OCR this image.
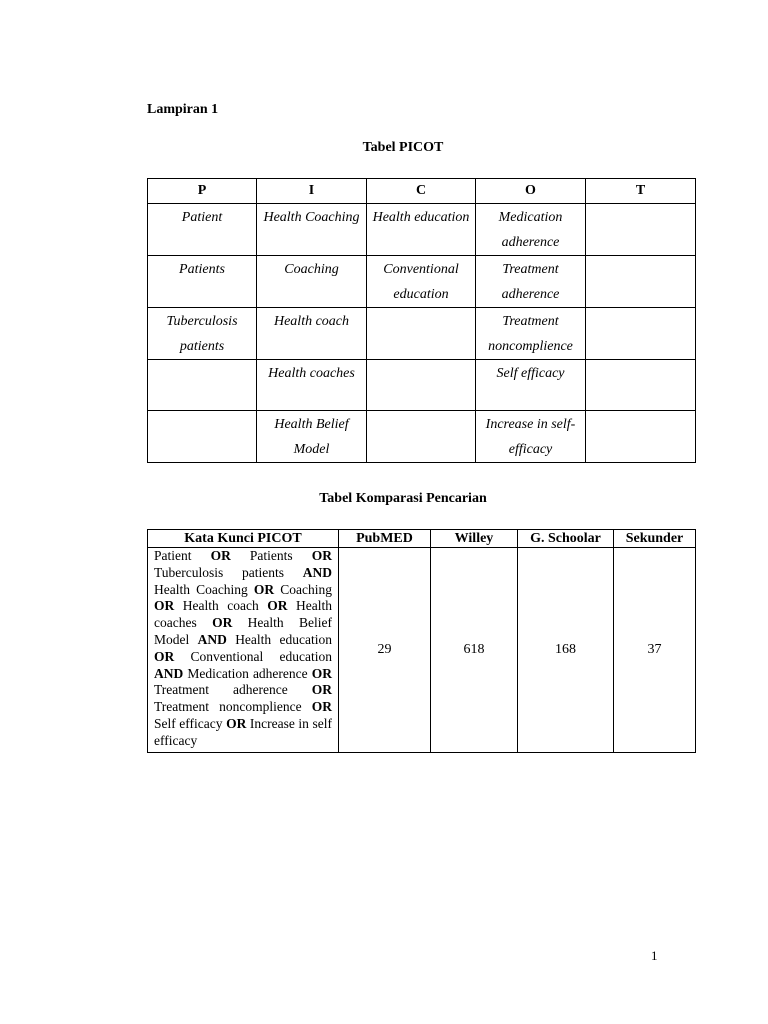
Lampiran 1
Tabel PICOT
P	I	C	O	T
Patient	Health Coaching	Health education	Medication adherence	
Patients	Coaching	Conventional education	Treatment adherence	
Tuberculosis patients	Health coach		Treatment noncomplience	
	Health coaches		Self efficacy	
	Health Belief Model		Increase in self-efficacy	
Tabel Komparasi Pencarian
Kata Kunci PICOT	PubMED	Willey	G. Schoolar	Sekunder
Patient OR Patients OR Tuberculosis patients AND Health Coaching OR Coaching OR Health coach OR Health coaches OR Health Belief Model AND Health education OR Conventional education AND Medication adherence OR Treatment adherence OR Treatment noncomplience OR Self efficacy OR Increase in self efficacy	29	618	168	37
1
